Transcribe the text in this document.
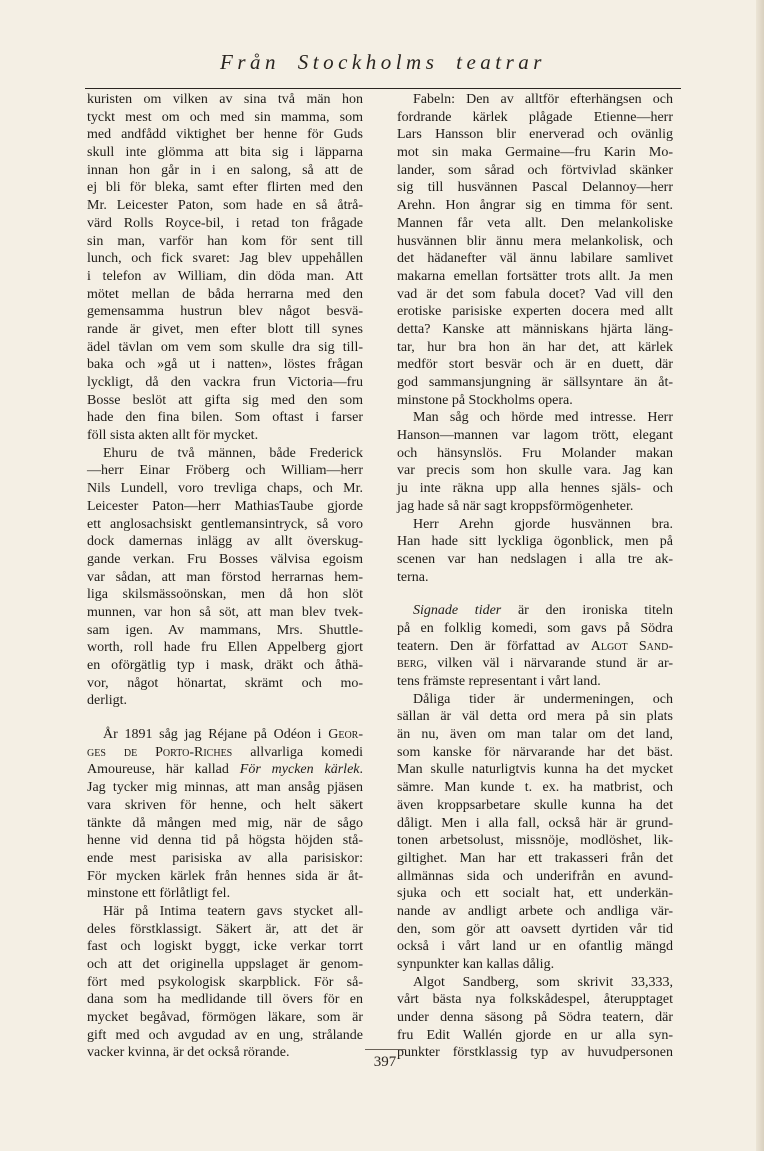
Från Stockholms teatrar
kuristen om vilken av sina två män hon
tyckt mest om och med sin mamma, som
med andfådd viktighet ber henne för Guds
skull inte glömma att bita sig i läpparna
innan hon går in i en salong, så att de
ej bli för bleka, samt efter flirten med den
Mr. Leicester Paton, som hade en så åtrå-
värd Rolls Royce-bil, i retad ton frågade
sin man, varför han kom för sent till
lunch, och fick svaret: Jag blev uppehållen
i telefon av William, din döda man. Att
mötet mellan de båda herrarna med den
gemensamma hustrun blev något besvä-
rande är givet, men efter blott till synes
ädel tävlan om vem som skulle dra sig till-
baka och »gå ut i natten», löstes frågan
lyckligt, då den vackra frun Victoria—fru
Bosse beslöt att gifta sig med den som
hade den fina bilen. Som oftast i farser
föll sista akten allt för mycket.
Ehuru de två männen, både Frederick
—herr Einar Fröberg och William—herr
Nils Lundell, voro trevliga chaps, och Mr.
Leicester Paton—herr MathiasTaube gjorde
ett anglosachsiskt gentlemansintryck, så voro
dock damernas inlägg av allt överskug-
gande verkan. Fru Bosses välvisa egoism
var sådan, att man förstod herrarnas hem-
liga skilsmässoönskan, men då hon slöt
munnen, var hon så söt, att man blev tvek-
sam igen. Av mammans, Mrs. Shuttle-
worth, roll hade fru Ellen Appelberg gjort
en oförgätlig typ i mask, dräkt och åthä-
vor, något hönartat, skrämt och mo-
derligt.
År 1891 såg jag Réjane på Odéon i Geor-
ges de Porto-Riches allvarliga komedi
Amoureuse, här kallad För mycken kärlek.
Jag tycker mig minnas, att man ansåg pjäsen
vara skriven för henne, och helt säkert
tänkte då mången med mig, när de sågo
henne vid denna tid på högsta höjden stå-
ende mest parisiska av alla parisiskor:
För mycken kärlek från hennes sida är åt-
minstone ett förlåtligt fel.
Här på Intima teatern gavs stycket all-
deles förstklassigt. Säkert är, att det är
fast och logiskt byggt, icke verkar torrt
och att det originella uppslaget är genom-
fört med psykologisk skarpblick. För så-
dana som ha medlidande till övers för en
mycket begåvad, förmögen läkare, som är
gift med och avgudad av en ung, strålande
vacker kvinna, är det också rörande.
Fabeln: Den av alltför efterhängsen och
fordrande kärlek plågade Etienne—herr
Lars Hansson blir enerverad och ovänlig
mot sin maka Germaine—fru Karin Mo-
lander, som sårad och förtvivlad skänker
sig till husvännen Pascal Delannoy—herr
Arehn. Hon ångrar sig en timma för sent.
Mannen får veta allt. Den melankoliske
husvännen blir ännu mera melankolisk, och
det hädanefter väl ännu labilare samlivet
makarna emellan fortsätter trots allt. Ja men
vad är det som fabula docet? Vad vill den
erotiske parisiske experten docera med allt
detta? Kanske att människans hjärta läng-
tar, hur bra hon än har det, att kärlek
medför stort besvär och är en duett, där
god sammansjungning är sällsyntare än åt-
minstone på Stockholms opera.
Man såg och hörde med intresse. Herr
Hanson—mannen var lagom trött, elegant
och hänsynslös. Fru Molander makan
var precis som hon skulle vara. Jag kan
ju inte räkna upp alla hennes själs- och
jag hade så när sagt kroppsförmögenheter.
Herr Arehn gjorde husvännen bra.
Han hade sitt lyckliga ögonblick, men på
scenen var han nedslagen i alla tre ak-
terna.
Signade tider är den ironiska titeln
på en folklig komedi, som gavs på Södra
teatern. Den är författad av Algot Sand-
berg, vilken väl i närvarande stund är ar-
tens främste representant i vårt land.
Dåliga tider är undermeningen, och
sällan är väl detta ord mera på sin plats
än nu, även om man talar om det land,
som kanske för närvarande har det bäst.
Man skulle naturligtvis kunna ha det mycket
sämre. Man kunde t. ex. ha matbrist, och
även kroppsarbetare skulle kunna ha det
dåligt. Men i alla fall, också här är grund-
tonen arbetsolust, missnöje, modlöshet, lik-
giltighet. Man har ett trakasseri från det
allmännas sida och underifrån en avund-
sjuka och ett socialt hat, ett underkän-
nande av andligt arbete och andliga vär-
den, som gör att oavsett dyrtiden vår tid
också i vårt land ur en ofantlig mängd
synpunkter kan kallas dålig.
Algot Sandberg, som skrivit 33,333,
vårt bästa nya folkskådespel, återupptaget
under denna säsong på Södra teatern, där
fru Edit Wallén gjorde en ur alla syn-
punkter förstklassig typ av huvudpersonen
397
